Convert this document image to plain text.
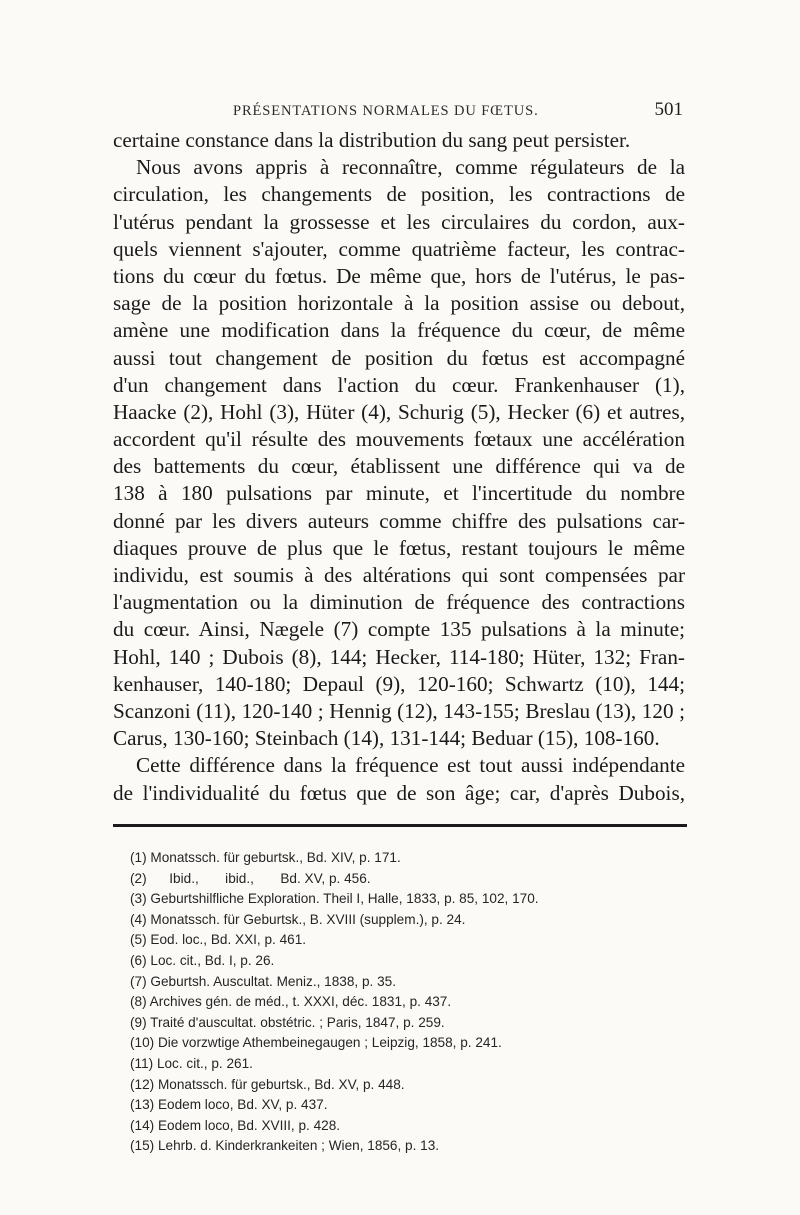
PRÉSENTATIONS NORMALES DU FŒTUS.	501
certaine constance dans la distribution du sang peut persister.
Nous avons appris à reconnaître, comme régulateurs de la
circulation, les changements de position, les contractions de
l'utérus pendant la grossesse et les circulaires du cordon, aux-
quels viennent s'ajouter, comme quatrième facteur, les contrac-
tions du cœur du fœtus. De même que, hors de l'utérus, le pas-
sage de la position horizontale à la position assise ou debout,
amène une modification dans la fréquence du cœur, de même
aussi tout changement de position du fœtus est accompagné
d'un changement dans l'action du cœur. Frankenhauser (1),
Haacke (2), Hohl (3), Hüter (4), Schurig (5), Hecker (6) et autres,
accordent qu'il résulte des mouvements fœtaux une accélération
des battements du cœur, établissent une différence qui va de
138 à 180 pulsations par minute, et l'incertitude du nombre
donné par les divers auteurs comme chiffre des pulsations car-
diaques prouve de plus que le fœtus, restant toujours le même
individu, est soumis à des altérations qui sont compensées par
l'augmentation ou la diminution de fréquence des contractions
du cœur. Ainsi, Nægele (7) compte 135 pulsations à la minute;
Hohl, 140 ; Dubois (8), 144; Hecker, 114-180; Hüter, 132; Fran-
kenhauser, 140-180; Depaul (9), 120-160; Schwartz (10), 144;
Scanzoni (11), 120-140 ; Hennig (12), 143-155; Breslau (13), 120 ;
Carus, 130-160; Steinbach (14), 131-144; Beduar (15), 108-160.
Cette différence dans la fréquence est tout aussi indépendante
de l'individualité du fœtus que de son âge; car, d'après Dubois,
(1) Monatssch. für geburtsk., Bd. XIV, p. 171.
(2)      Ibid.,       ibid.,       Bd. XV, p. 456.
(3) Geburtshilfliche Exploration. Theil I, Halle, 1833, p. 85, 102, 170.
(4) Monatssch. für Geburtsk., B. XVIII (supplem.), p. 24.
(5) Eod. loc., Bd. XXI, p. 461.
(6) Loc. cit., Bd. I, p. 26.
(7) Geburtsh. Auscultat. Meniz., 1838, p. 35.
(8) Archives gén. de méd., t. XXXI, déc. 1831, p. 437.
(9) Traité d'auscultat. obstétric. ; Paris, 1847, p. 259.
(10) Die vorzwtige Athembeinegaugen ; Leipzig, 1858, p. 241.
(11) Loc. cit., p. 261.
(12) Monatssch. für geburtsk., Bd. XV, p. 448.
(13) Eodem loco, Bd. XV, p. 437.
(14) Eodem loco, Bd. XVIII, p. 428.
(15) Lehrb. d. Kinderkrankeiten ; Wien, 1856, p. 13.
